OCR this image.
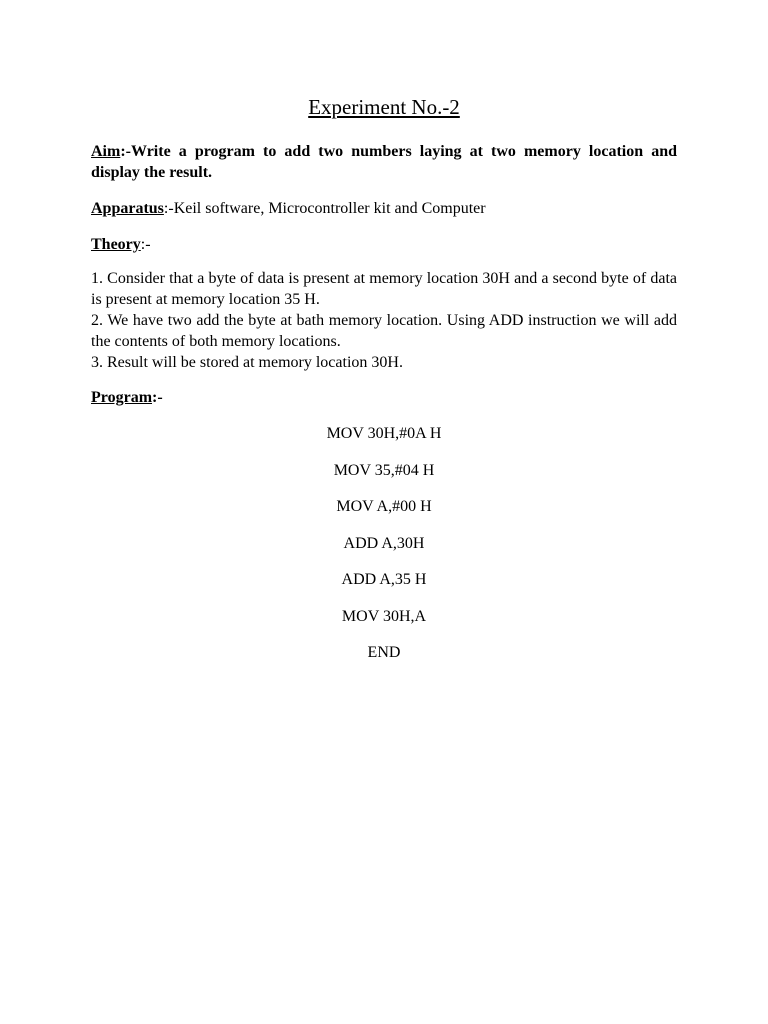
Experiment No.-2
Aim:-Write a program to add two numbers laying at two memory location and display the result.
Apparatus:-Keil software, Microcontroller kit and Computer
Theory:-

1. Consider that a byte of data is present at memory location 30H and a second byte of data is present at memory location 35 H.

2. We have two add the byte at bath memory location. Using ADD instruction we will add the contents of both memory locations.

3. Result will be stored at memory location 30H.

Program:-
MOV 30H,#0A H
MOV 35,#04 H
MOV A,#00 H
ADD A,30H
ADD A,35 H
MOV 30H,A
END
